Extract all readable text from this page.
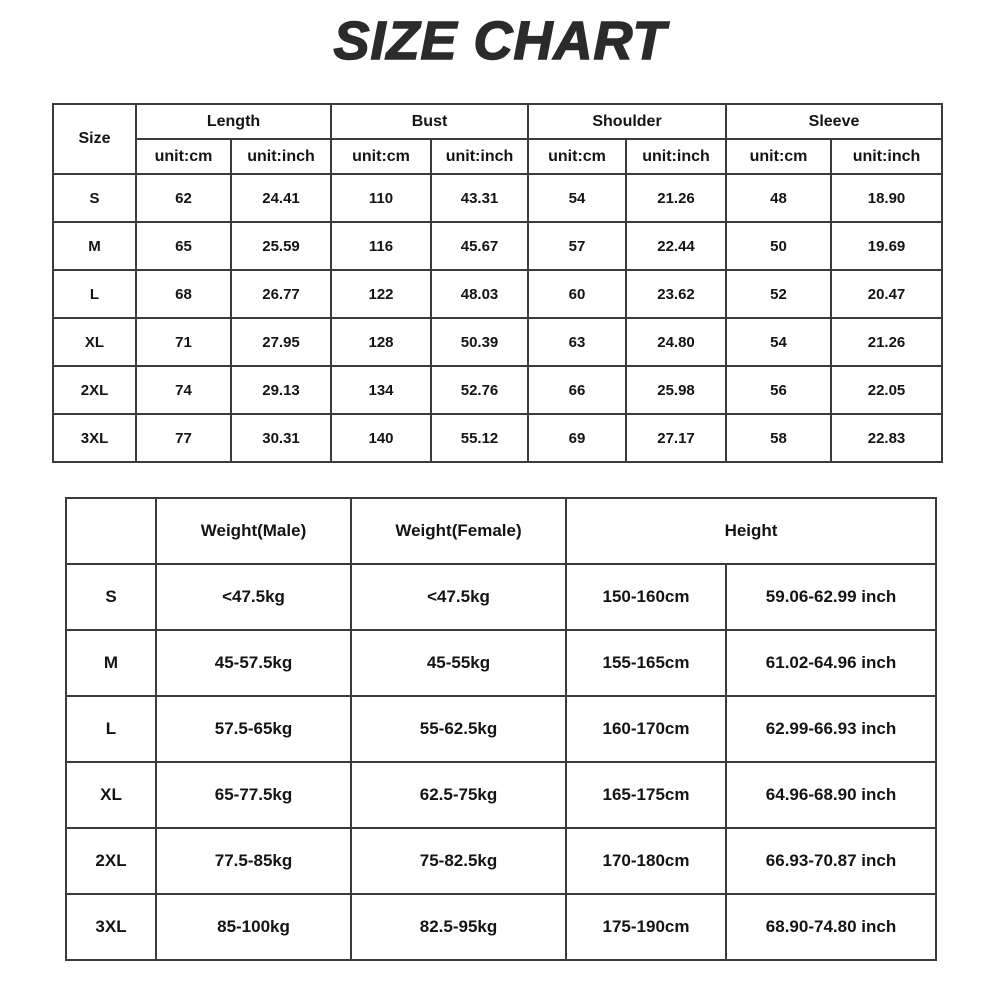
SIZE CHART
Size	Length		Bust		Shoulder		Sleeve	
	unit:cm	unit:inch	unit:cm	unit:inch	unit:cm	unit:inch	unit:cm	unit:inch
S	62	24.41	110	43.31	54	21.26	48	18.90
M	65	25.59	116	45.67	57	22.44	50	19.69
L	68	26.77	122	48.03	60	23.62	52	20.47
XL	71	27.95	128	50.39	63	24.80	54	21.26
2XL	74	29.13	134	52.76	66	25.98	56	22.05
3XL	77	30.31	140	55.12	69	27.17	58	22.83
	Weight(Male)	Weight(Female)	Height	
S	<47.5kg	<47.5kg	150-160cm	59.06-62.99 inch
M	45-57.5kg	45-55kg	155-165cm	61.02-64.96 inch
L	57.5-65kg	55-62.5kg	160-170cm	62.99-66.93 inch
XL	65-77.5kg	62.5-75kg	165-175cm	64.96-68.90 inch
2XL	77.5-85kg	75-82.5kg	170-180cm	66.93-70.87 inch
3XL	85-100kg	82.5-95kg	175-190cm	68.90-74.80 inch
